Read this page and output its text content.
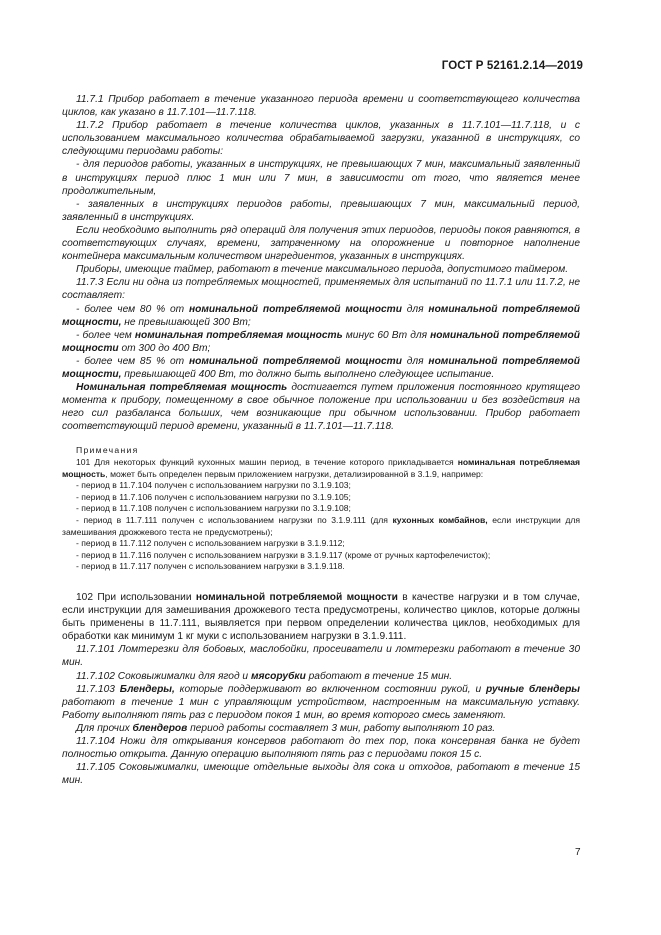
ГОСТ Р 52161.2.14—2019

11.7.1 Прибор работает в течение указанного периода времени и соответствующего количества циклов, как указано в 11.7.101—11.7.118.

11.7.2 Прибор работает в течение количества циклов, указанных в 11.7.101—11.7.118, и с использованием максимального количества обрабатываемой загрузки, указанной в инструкциях, со следующими периодами работы:

- для периодов работы, указанных в инструкциях, не превышающих 7 мин, максимальный заявленный в инструкциях период плюс 1 мин или 7 мин, в зависимости от того, что является менее продолжительным,

- заявленных в инструкциях периодов работы, превышающих 7 мин, максимальный период, заявленный в инструкциях.

Если необходимо выполнить ряд операций для получения этих периодов, периоды покоя равняются, в соответствующих случаях, времени, затраченному на опорожнение и повторное наполнение контейнера максимальным количеством ингредиентов, указанных в инструкциях.

Приборы, имеющие таймер, работают в течение максимального периода, допустимого таймером.

11.7.3 Если ни одна из потребляемых мощностей, применяемых для испытаний по 11.7.1 или 11.7.2, не составляет:

- более чем 80 % от номинальной потребляемой мощности для номинальной потребляемой мощности, не превышающей 300 Вт;

- более чем номинальная потребляемая мощность минус 60 Вт для номинальной потребляемой мощности от 300 до 400 Вт;

- более чем 85 % от номинальной потребляемой мощности для номинальной потребляемой мощности, превышающей 400 Вт, то должно быть выполнено следующее испытание.

Номинальная потребляемая мощность достигается путем приложения постоянного крутящего момента к прибору, помещенному в свое обычное положение при использовании и без воздействия на него сил разбаланса больших, чем возникающие при обычном использовании. Прибор работает соответствующий период времени, указанный в 11.7.101—11.7.118.

Примечания

101 Для некоторых функций кухонных машин период, в течение которого прикладывается номинальная потребляемая мощность, может быть определен первым приложением нагрузки, детализированной в 3.1.9, например:

- период в 11.7.104 получен с использованием нагрузки по 3.1.9.103;

- период в 11.7.106 получен с использованием нагрузки по 3.1.9.105;

- период в 11.7.108 получен с использованием нагрузки по 3.1.9.108;

- период в 11.7.111 получен с использованием нагрузки по 3.1.9.111 (для кухонных комбайнов, если инструкции для замешивания дрожжевого теста не предусмотрены);

- период в 11.7.112 получен с использованием нагрузки в 3.1.9.112;

- период в 11.7.116 получен с использованием нагрузки в 3.1.9.117 (кроме от ручных картофелечисток);

- период в 11.7.117 получен с использованием нагрузки в 3.1.9.118.

102 При использовании номинальной потребляемой мощности в качестве нагрузки и в том случае, если инструкции для замешивания дрожжевого теста предусмотрены, количество циклов, которые должны быть применены в 11.7.111, выявляется при первом определении количества циклов, необходимых для обработки как минимум 1 кг муки с использованием нагрузки в 3.1.9.111.

11.7.101 Ломтерезки для бобовых, маслобойки, просеиватели и ломтерезки работают в течение 30 мин.

11.7.102 Соковыжималки для ягод и мясорубки работают в течение 15 мин.

11.7.103 Блендеры, которые поддерживают во включенном состоянии рукой, и ручные блендеры работают в течение 1 мин с управляющим устройством, настроенным на максимальную уставку. Работу выполняют пять раз с периодом покоя 1 мин, во время которого смесь заменяют.

Для прочих блендеров период работы составляет 3 мин, работу выполняют 10 раз.

11.7.104 Ножи для открывания консервов работают до тех пор, пока консервная банка не будет полностью открыта. Данную операцию выполняют пять раз с периодами покоя 15 с.

11.7.105 Соковыжималки, имеющие отдельные выходы для сока и отходов, работают в течение 15 мин.

7
